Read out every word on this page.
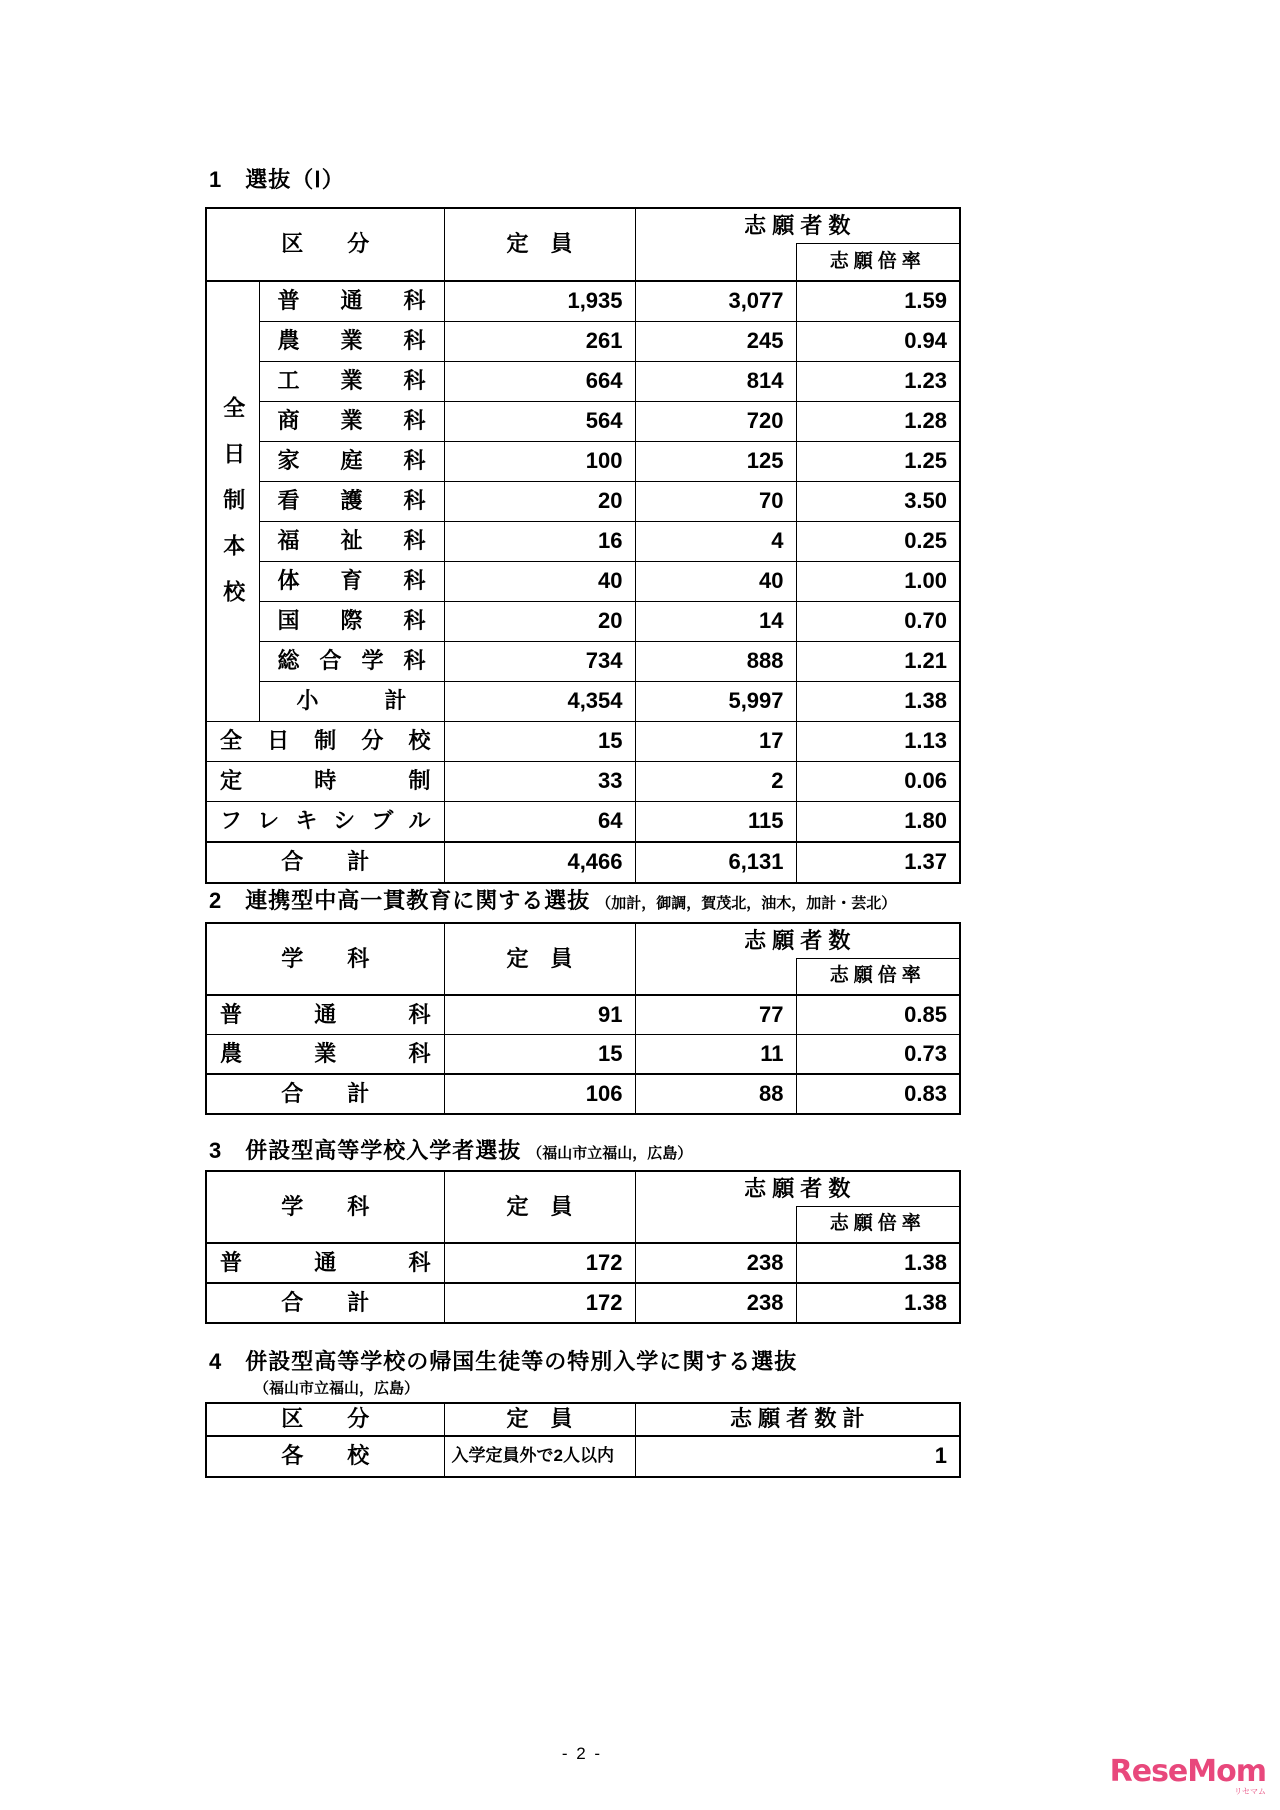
1　選抜（Ⅰ）
区　　分		定　員	志 願 者 数	
				志願倍率
全日制本校	普通科	1,935	3,077	1.59
	農業科	261	245	0.94
	工業科	664	814	1.23
	商業科	564	720	1.28
	家庭科	100	125	1.25
	看護科	20	70	3.50
	福祉科	16	4	0.25
	体育科	40	40	1.00
	国際科	20	14	0.70
	総合学科	734	888	1.21
	小　　　計	4,354	5,997	1.38
全日制分校		15	17	1.13
定時制		33	2	0.06
フレキシブル		64	115	1.80
合　　計		4,466	6,131	1.37
2　連携型中高一貫教育に関する選抜 （加計，御調，賀茂北，油木，加計・芸北）
学　　科	定　員	志 願 者 数	
			志願倍率
普通科	91	77	0.85
農業科	15	11	0.73
合　　計	106	88	0.83
3　併設型高等学校入学者選抜 （福山市立福山，広島）
学　　科	定　員	志 願 者 数	
			志願倍率
普通科	172	238	1.38
合　　計	172	238	1.38
4　併設型高等学校の帰国生徒等の特別入学に関する選抜
（福山市立福山，広島）
区　　分	定　員	志 願 者 数 計
各　　校	入学定員外で2人以内	1
- 2 -
ReseMom
リセマム
